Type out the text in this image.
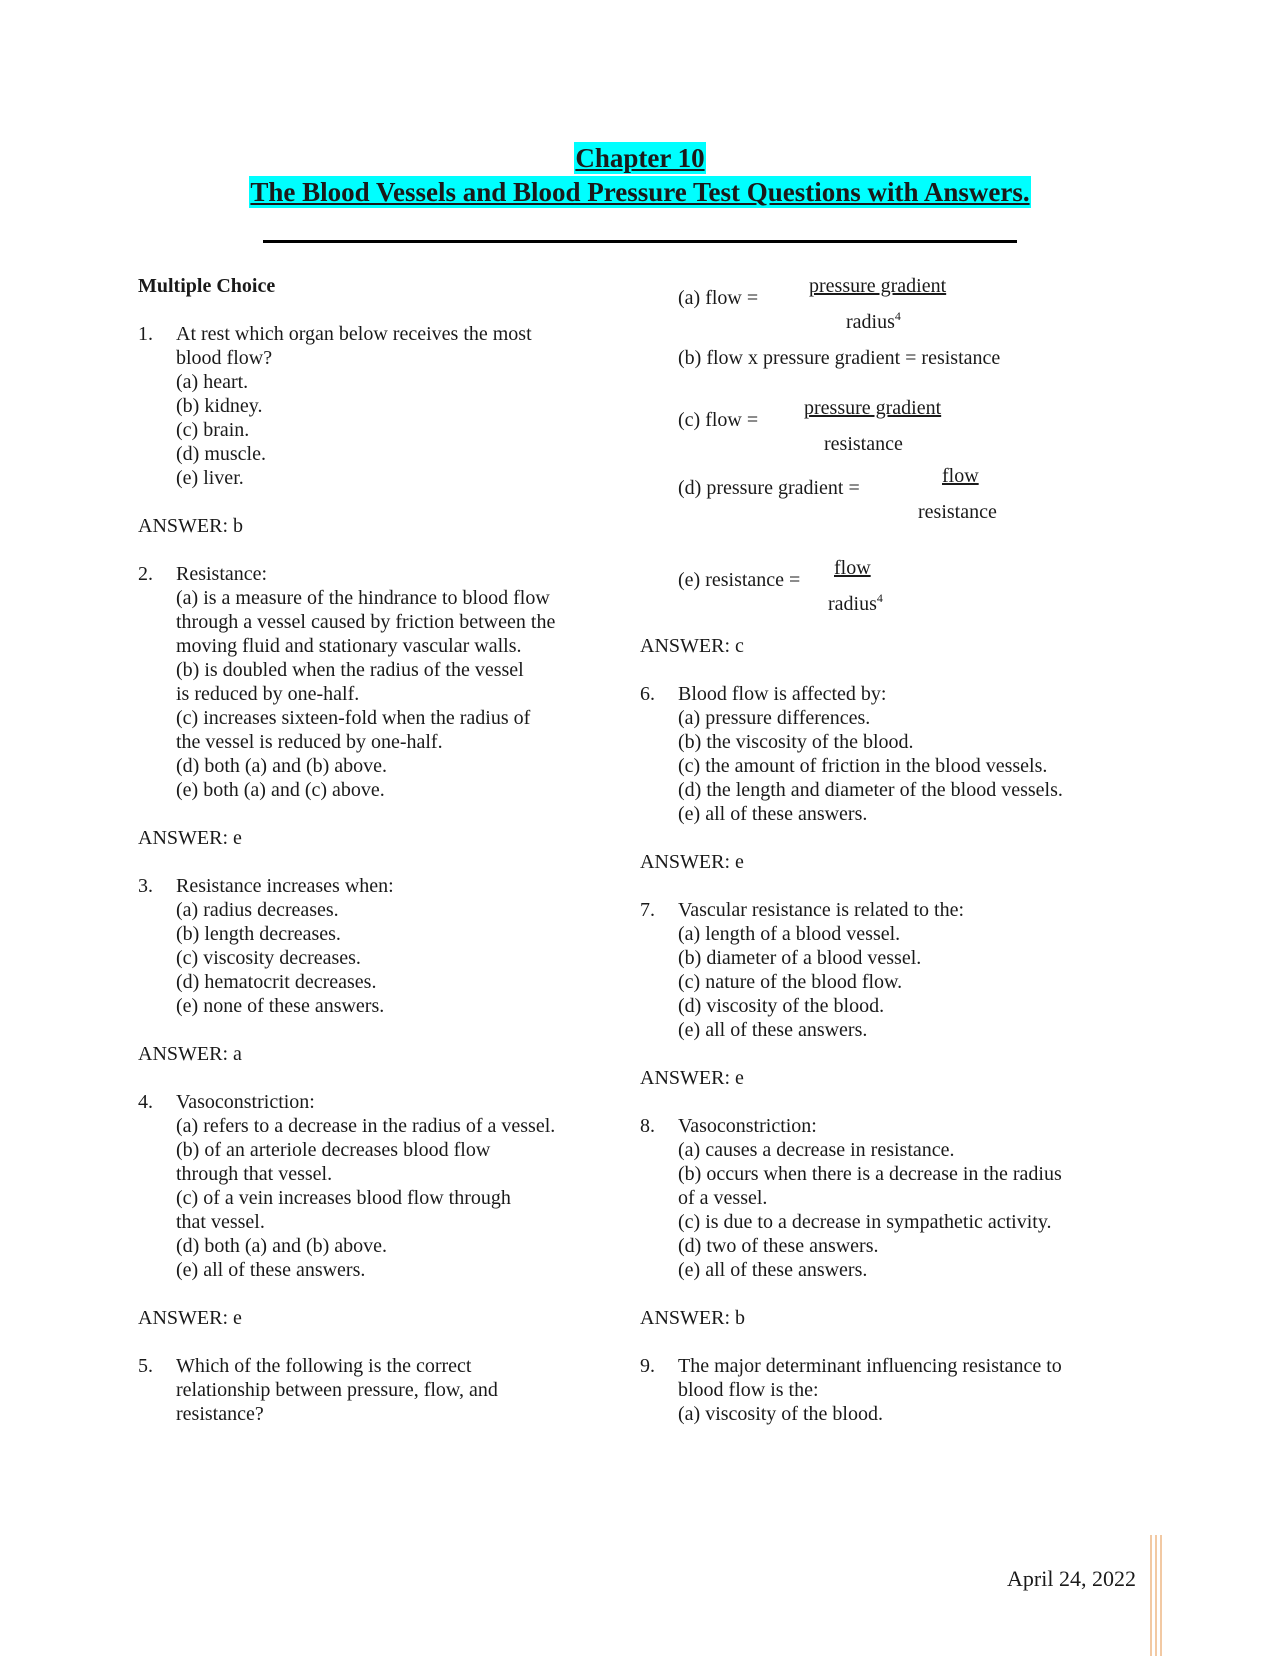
Chapter 10
The Blood Vessels and Blood Pressure Test Questions with Answers.
Multiple Choice
1.	At rest which organ below receives the most
blood flow?
(a) heart.
(b) kidney.
(c) brain.
(d) muscle.
(e) liver.
ANSWER: b
2.	Resistance:
(a) is a measure of the hindrance to blood flow
through a vessel caused by friction between the
moving fluid and stationary vascular walls.
(b) is doubled when the radius of the vessel
is reduced by one-half.
(c) increases sixteen-fold when the radius of
the vessel is reduced by one-half.
(d) both (a) and (b) above.
(e) both (a) and (c) above.
ANSWER: e
3.	Resistance increases when:
(a) radius decreases.
(b) length decreases.
(c) viscosity decreases.
(d) hematocrit decreases.
(e) none of these answers.
ANSWER: a
4.	Vasoconstriction:
(a) refers to a decrease in the radius of a vessel.
(b) of an arteriole decreases blood flow
through that vessel.
(c) of a vein increases blood flow through
that vessel.
(d) both (a) and (b) above.
(e) all of these answers.
ANSWER: e
5.	Which of the following is the correct
relationship between pressure, flow, and
resistance?
(a) flow =
pressure gradient
radius$^4$
(b) flow x pressure gradient = resistance
(c) flow =
pressure gradient
resistance
(d) pressure gradient =
flow
resistance
(e) resistance =
flow
radius$^4$
ANSWER: c
6.	Blood flow is affected by:
(a) pressure differences.
(b) the viscosity of the blood.
(c) the amount of friction in the blood vessels.
(d) the length and diameter of the blood vessels.
(e) all of these answers.
ANSWER: e
7.	Vascular resistance is related to the:
(a) length of a blood vessel.
(b) diameter of a blood vessel.
(c) nature of the blood flow.
(d) viscosity of the blood.
(e) all of these answers.
ANSWER: e
8.	Vasoconstriction:
(a) causes a decrease in resistance.
(b) occurs when there is a decrease in the radius
of a vessel.
(c) is due to a decrease in sympathetic activity.
(d) two of these answers.
(e) all of these answers.
ANSWER: b
9.	The major determinant influencing resistance to
blood flow is the:
(a) viscosity of the blood.
April 24, 2022
